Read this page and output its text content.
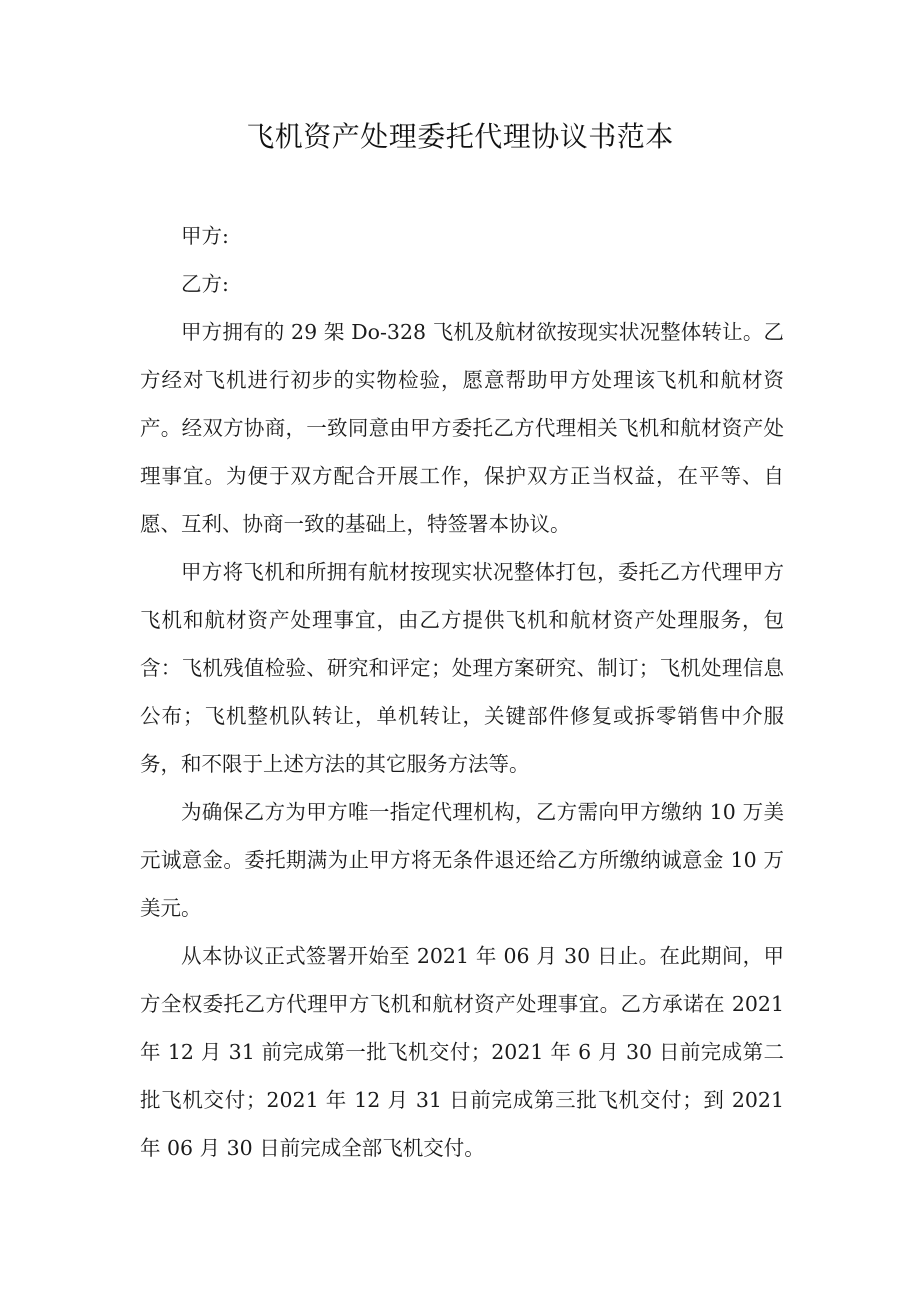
飞机资产处理委托代理协议书范本

甲方:

乙方:

甲方拥有的 29 架 Do-328 飞机及航材欲按现实状况整体转让。乙方经对飞机进行初步的实物检验，愿意帮助甲方处理该飞机和航材资产。经双方协商，一致同意由甲方委托乙方代理相关飞机和航材资产处理事宜。为便于双方配合开展工作，保护双方正当权益，在平等、自愿、互利、协商一致的基础上，特签署本协议。

甲方将飞机和所拥有航材按现实状况整体打包，委托乙方代理甲方飞机和航材资产处理事宜，由乙方提供飞机和航材资产处理服务，包含：飞机残值检验、研究和评定；处理方案研究、制订；飞机处理信息公布；飞机整机队转让，单机转让，关键部件修复或拆零销售中介服务，和不限于上述方法的其它服务方法等。

为确保乙方为甲方唯一指定代理机构，乙方需向甲方缴纳 10 万美元诚意金。委托期满为止甲方将无条件退还给乙方所缴纳诚意金 10 万美元。

从本协议正式签署开始至 2021 年 06 月 30 日止。在此期间，甲方全权委托乙方代理甲方飞机和航材资产处理事宜。乙方承诺在 2021 年 12 月 31 前完成第一批飞机交付；2021 年 6 月 30 日前完成第二批飞机交付；2021 年 12 月 31 日前完成第三批飞机交付；到 2021 年 06 月 30 日前完成全部飞机交付。
